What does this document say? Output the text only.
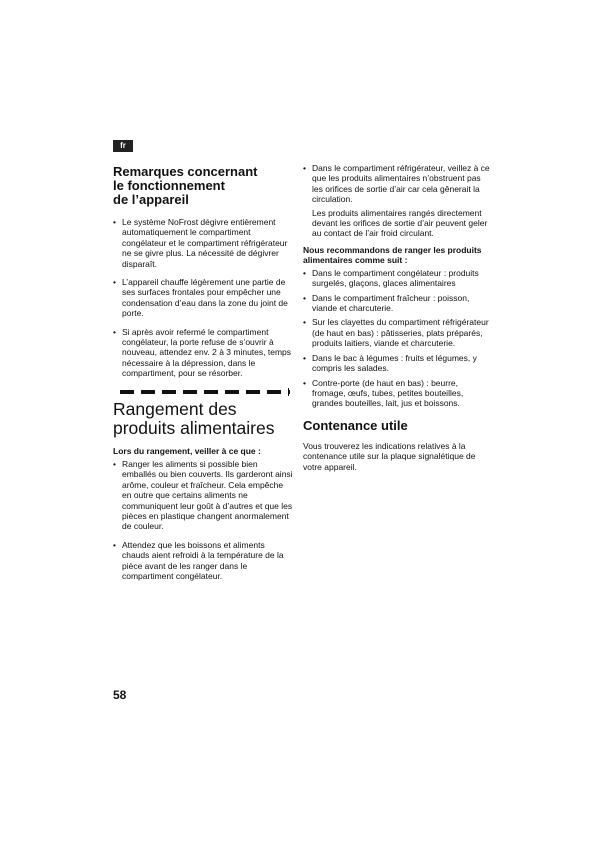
fr
Remarques concernant
le fonctionnement
de l’appareil
• Le système NoFrost dégivre entièrement automatiquement le compartiment congélateur et le compartiment réfrigérateur ne se givre plus. La nécessité de dégivrer disparaît.
• L’appareil chauffe légèrement une partie de ses surfaces frontales pour empêcher une condensation d’eau dans la zone du joint de porte.
• Si après avoir refermé le compartiment congélateur, la porte refuse de s’ouvrir à nouveau, attendez env. 2 à 3 minutes, temps nécessaire à la dépression, dans le compartiment, pour se résorber.
Rangement des
produits alimentaires
Lors du rangement, veiller à ce que :
• Ranger les aliments si possible bien emballés ou bien couverts. Ils garderont ainsi arôme, couleur et fraîcheur. Cela empêche en outre que certains aliments ne communiquent leur goût à d’autres et que les pièces en plastique changent anormalement de couleur.
• Attendez que les boissons et aliments chauds aient refroidi à la température de la pièce avant de les ranger dans le compartiment congélateur.
• Dans le compartiment réfrigérateur, veillez à ce que les produits alimentaires n’obstruent pas les orifices de sortie d’air car cela gênerait la circulation.

Les produits alimentaires rangés directement devant les orifices de sortie d’air peuvent geler au contact de l’air froid circulant.

Nous recommandons de ranger les produits alimentaires comme suit :
• Dans le compartiment congélateur : produits surgelés, glaçons, glaces alimentaires
• Dans le compartiment fraîcheur : poisson, viande et charcuterie.
• Sur les clayettes du compartiment réfrigérateur (de haut en bas) : pâtisseries, plats préparés, produits laitiers, viande et charcuterie.
• Dans le bac à légumes : fruits et légumes, y compris les salades.
• Contre-porte (de haut en bas) : beurre, fromage, œufs, tubes, petites bouteilles, grandes bouteilles, lait, jus et boissons.
Contenance utile

Vous trouverez les indications relatives à la contenance utile sur la plaque signalétique de votre appareil.

58
